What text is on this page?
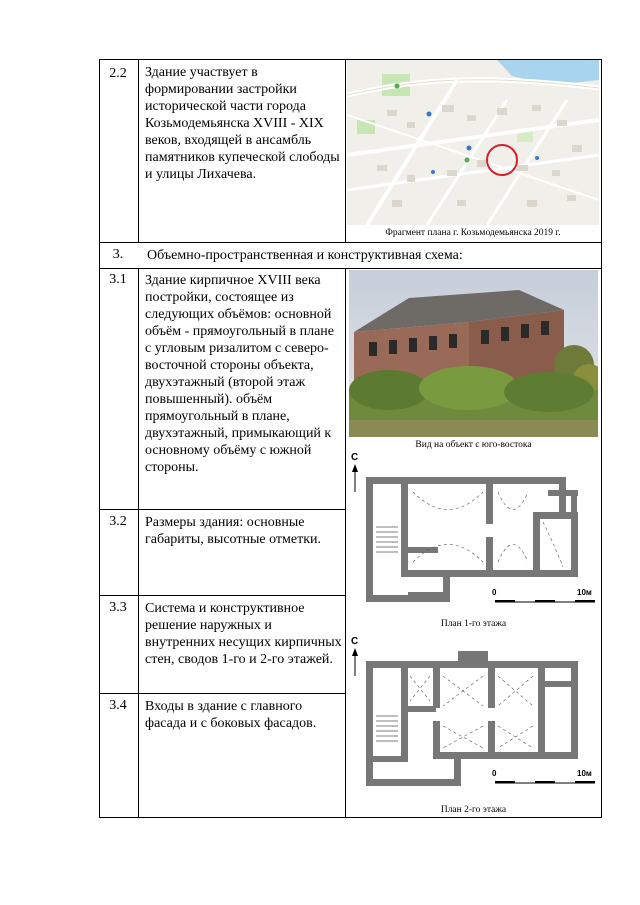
2.2	Здание участвует в формировании застройки исторической части города Козьмодемьянска XVIII - XIX веков, входящей в ансамбль памятников купеческой слободы и улицы Лихачева.
Фрагмент плана г. Козьмодемьянска 2019 г.
3.	Объемно-пространственная и конструктивная схема:
3.1	Здание кирпичное XVIII века постройки, состоящее из следующих объёмов: основной объём - прямоугольный в плане с угловым ризалитом с северо-восточной стороны объекта, двухэтажный (второй этаж повышенный). объём прямоугольный в плане, двухэтажный, примыкающий к основному объёму с южной стороны.
Вид на объект с юго-востока
3.2	Размеры здания: основные габариты, высотные отметки.
3.3	Система и конструктивное решение наружных и внутренних несущих кирпичных стен, сводов 1-го и 2-го этажей.
3.4	Входы в здание с главного фасада и с боковых фасадов.
С
0	10м
План 1-го этажа
С
0	10м
План 2-го этажа
